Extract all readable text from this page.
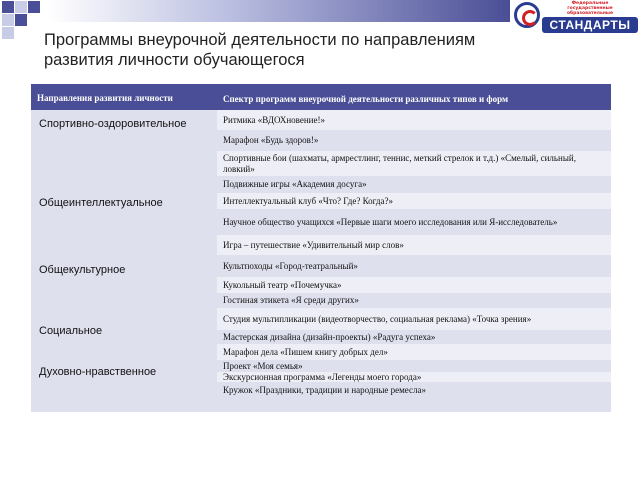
Федеральные
государственные
образовательные
СТАНДАРТЫ
Программы внеурочной деятельности по направлениям развития личности обучающегося
Направления развития личности	Спектр программ внеурочной деятельности различных типов и форм
Спортивно-оздоровительное
Общеинтеллектуальное
Общекультурное
Социальное
Духовно-нравственное
Ритмика «ВДОХновение!»
Марафон «Будь здоров!»
Спортивные бои (шахматы, армрестлинг, теннис, меткий стрелок и т.д.) «Смелый, сильный, ловкий»
Подвижные игры «Академия досуга»
Интеллектуальный клуб «Что? Где? Когда?»
Научное общество учащихся «Первые шаги моего исследования или Я-исследователь»
Игра – путешествие «Удивительный мир слов»
Культпоходы «Город-театральный»
Кукольный театр «Почемучка»
Гостиная этикета «Я среди других»
Студия мультипликации (видеотворчество, социальная реклама) «Точка зрения»
Мастерская дизайна (дизайн-проекты) «Радуга успеха»
Марафон дела «Пишем книгу добрых дел»
Проект «Моя семья»
Экскурсионная программа «Легенды моего города»
Кружок «Праздники, традиции и народные ремесла»
